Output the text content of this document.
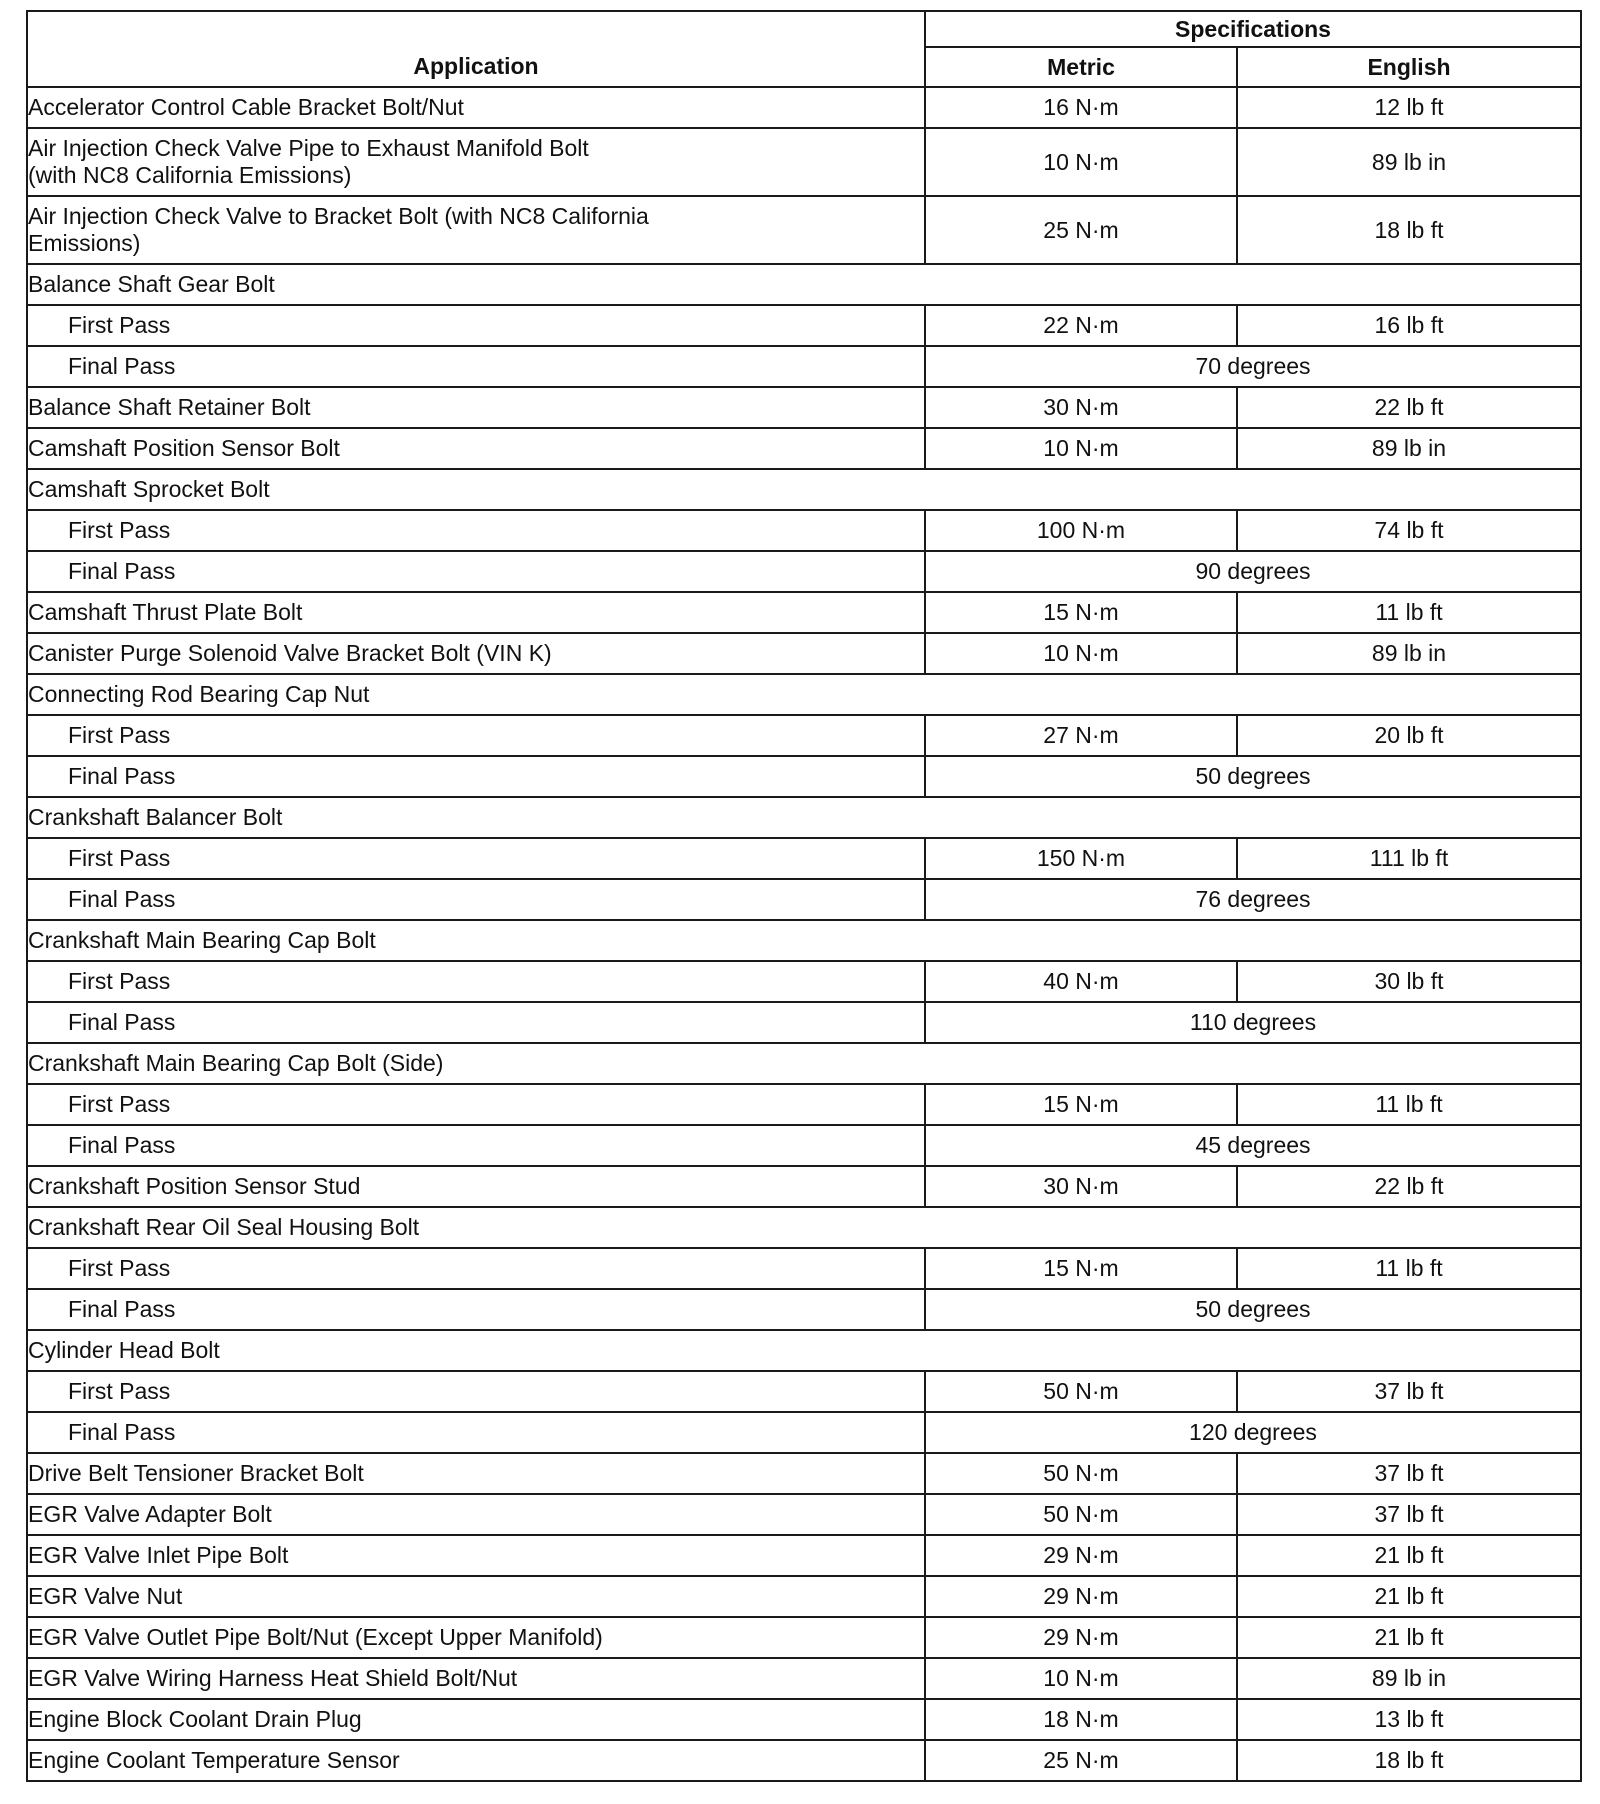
Application	Specifications	
	Metric	English
Accelerator Control Cable Bracket Bolt/Nut	16 N·m	12 lb ft
Air Injection Check Valve Pipe to Exhaust Manifold Bolt
(with NC8 California Emissions)	10 N·m	89 lb in
Air Injection Check Valve to Bracket Bolt (with NC8 California
Emissions)	25 N·m	18 lb ft
Balance Shaft Gear Bolt		
First Pass	22 N·m	16 lb ft
Final Pass	70 degrees	
Balance Shaft Retainer Bolt	30 N·m	22 lb ft
Camshaft Position Sensor Bolt	10 N·m	89 lb in
Camshaft Sprocket Bolt		
First Pass	100 N·m	74 lb ft
Final Pass	90 degrees	
Camshaft Thrust Plate Bolt	15 N·m	11 lb ft
Canister Purge Solenoid Valve Bracket Bolt (VIN K)	10 N·m	89 lb in
Connecting Rod Bearing Cap Nut		
First Pass	27 N·m	20 lb ft
Final Pass	50 degrees	
Crankshaft Balancer Bolt		
First Pass	150 N·m	111 lb ft
Final Pass	76 degrees	
Crankshaft Main Bearing Cap Bolt		
First Pass	40 N·m	30 lb ft
Final Pass	110 degrees	
Crankshaft Main Bearing Cap Bolt (Side)		
First Pass	15 N·m	11 lb ft
Final Pass	45 degrees	
Crankshaft Position Sensor Stud	30 N·m	22 lb ft
Crankshaft Rear Oil Seal Housing Bolt		
First Pass	15 N·m	11 lb ft
Final Pass	50 degrees	
Cylinder Head Bolt		
First Pass	50 N·m	37 lb ft
Final Pass	120 degrees	
Drive Belt Tensioner Bracket Bolt	50 N·m	37 lb ft
EGR Valve Adapter Bolt	50 N·m	37 lb ft
EGR Valve Inlet Pipe Bolt	29 N·m	21 lb ft
EGR Valve Nut	29 N·m	21 lb ft
EGR Valve Outlet Pipe Bolt/Nut (Except Upper Manifold)	29 N·m	21 lb ft
EGR Valve Wiring Harness Heat Shield Bolt/Nut	10 N·m	89 lb in
Engine Block Coolant Drain Plug	18 N·m	13 lb ft
Engine Coolant Temperature Sensor	25 N·m	18 lb ft
